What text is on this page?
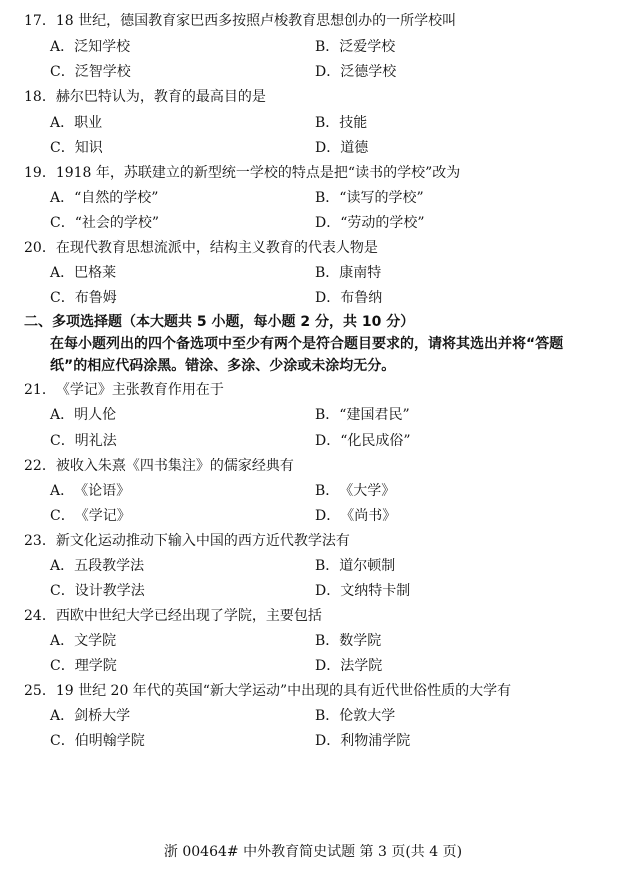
17．18 世纪，德国教育家巴西多按照卢梭教育思想创办的一所学校叫
A．泛知学校	B．泛爱学校
C．泛智学校	D．泛德学校
18．赫尔巴特认为，教育的最高目的是
A．职业	B．技能
C．知识	D．道德
19．1918 年，苏联建立的新型统一学校的特点是把“读书的学校”改为
A．“自然的学校”	B．“读写的学校”
C．“社会的学校”	D．“劳动的学校”
20．在现代教育思想流派中，结构主义教育的代表人物是
A．巴格莱	B．康南特
C．布鲁姆	D．布鲁纳
二、多项选择题（本大题共 5 小题，每小题 2 分，共 10 分）
在每小题列出的四个备选项中至少有两个是符合题目要求的，请将其选出并将“答题
纸”的相应代码涂黑。错涂、多涂、少涂或未涂均无分。
21．《学记》主张教育作用在于
A．明人伦	B．“建国君民”
C．明礼法	D．“化民成俗”
22．被收入朱熹《四书集注》的儒家经典有
A．《论语》	B．《大学》
C．《学记》	D．《尚书》
23．新文化运动推动下输入中国的西方近代教学法有
A．五段教学法	B．道尔顿制
C．设计教学法	D．文纳特卡制
24．西欧中世纪大学已经出现了学院，主要包括
A．文学院	B．数学院
C．理学院	D．法学院
25．19 世纪 20 年代的英国“新大学运动”中出现的具有近代世俗性质的大学有
A．剑桥大学	B．伦敦大学
C．伯明翰学院	D．利物浦学院
浙 00464# 中外教育简史试题 第 3 页(共 4 页)
